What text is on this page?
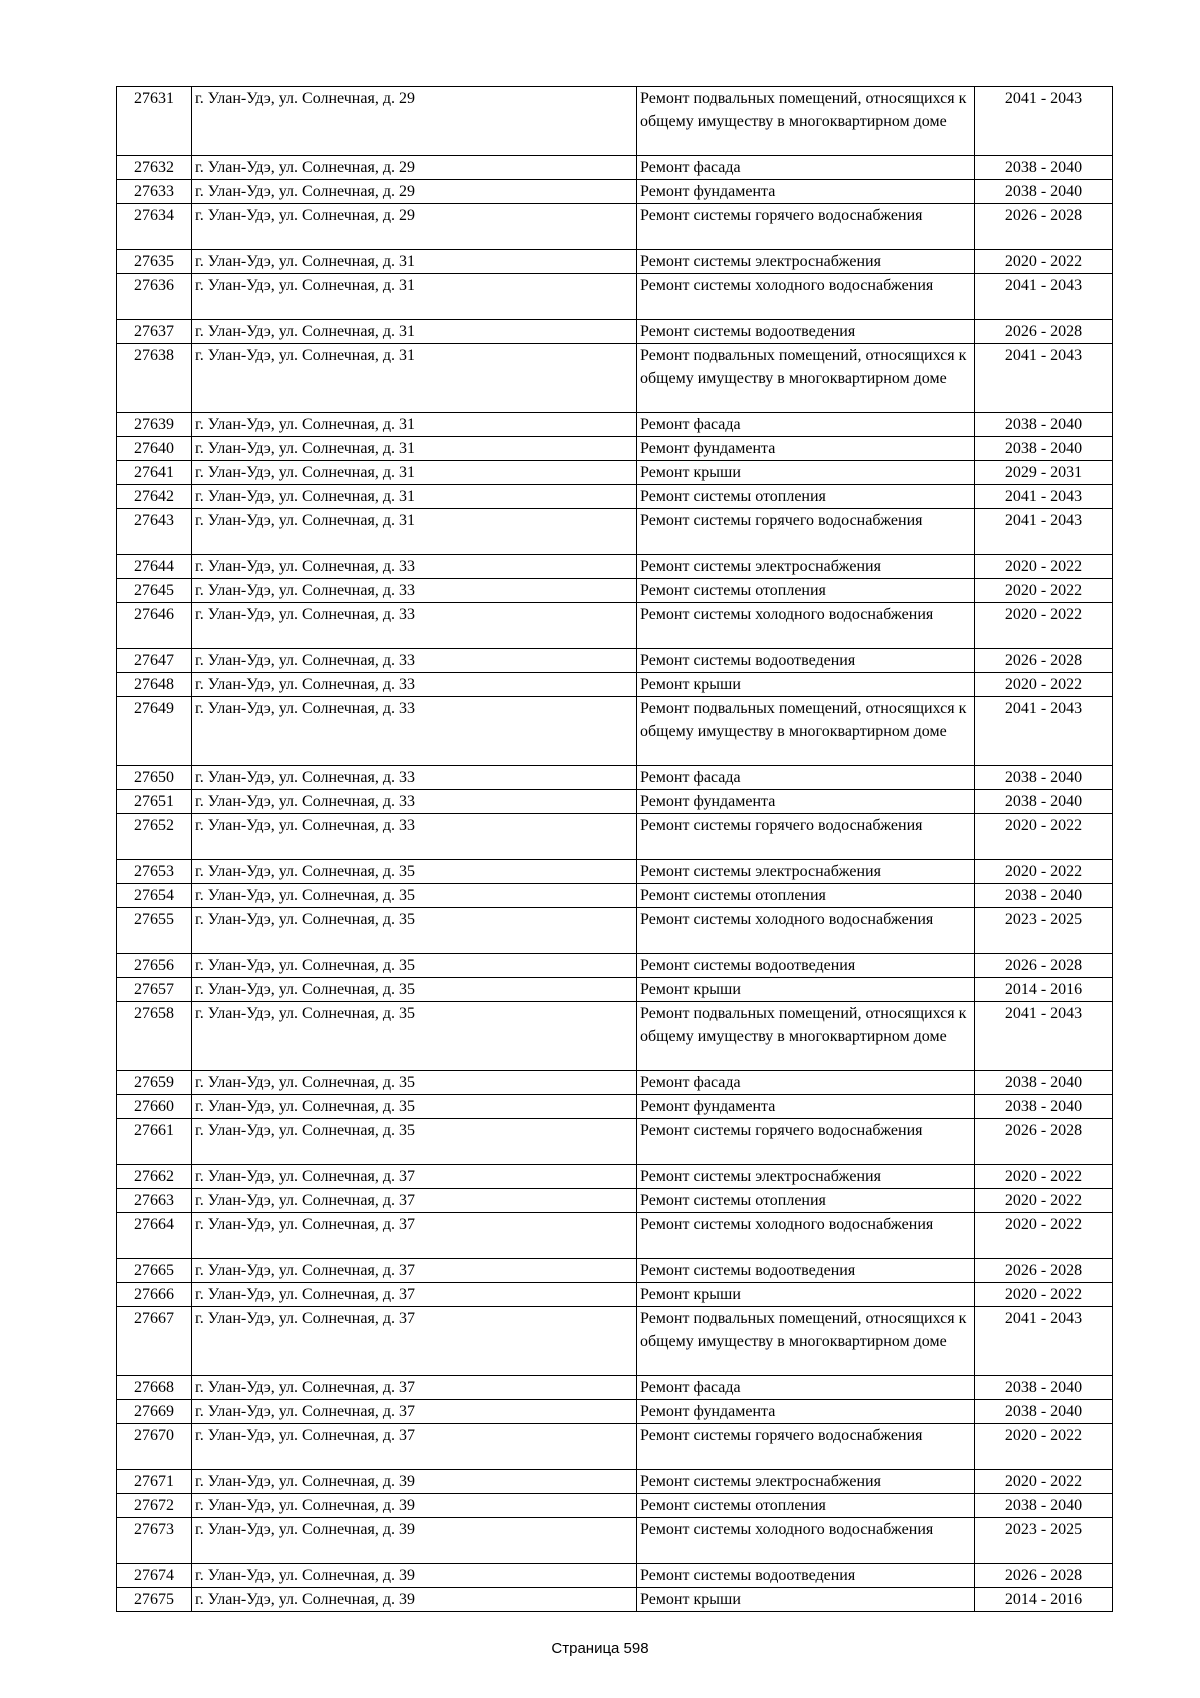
27631	г. Улан-Удэ, ул. Солнечная, д. 29	Ремонт подвальных помещений, относящихся к общему имуществу в многоквартирном доме	2041 - 2043
27632	г. Улан-Удэ, ул. Солнечная, д. 29	Ремонт фасада	2038 - 2040
27633	г. Улан-Удэ, ул. Солнечная, д. 29	Ремонт фундамента	2038 - 2040
27634	г. Улан-Удэ, ул. Солнечная, д. 29	Ремонт системы горячего водоснабжения	2026 - 2028
27635	г. Улан-Удэ, ул. Солнечная, д. 31	Ремонт системы электроснабжения	2020 - 2022
27636	г. Улан-Удэ, ул. Солнечная, д. 31	Ремонт системы холодного водоснабжения	2041 - 2043
27637	г. Улан-Удэ, ул. Солнечная, д. 31	Ремонт системы водоотведения	2026 - 2028
27638	г. Улан-Удэ, ул. Солнечная, д. 31	Ремонт подвальных помещений, относящихся к общему имуществу в многоквартирном доме	2041 - 2043
27639	г. Улан-Удэ, ул. Солнечная, д. 31	Ремонт фасада	2038 - 2040
27640	г. Улан-Удэ, ул. Солнечная, д. 31	Ремонт фундамента	2038 - 2040
27641	г. Улан-Удэ, ул. Солнечная, д. 31	Ремонт крыши	2029 - 2031
27642	г. Улан-Удэ, ул. Солнечная, д. 31	Ремонт системы отопления	2041 - 2043
27643	г. Улан-Удэ, ул. Солнечная, д. 31	Ремонт системы горячего водоснабжения	2041 - 2043
27644	г. Улан-Удэ, ул. Солнечная, д. 33	Ремонт системы электроснабжения	2020 - 2022
27645	г. Улан-Удэ, ул. Солнечная, д. 33	Ремонт системы отопления	2020 - 2022
27646	г. Улан-Удэ, ул. Солнечная, д. 33	Ремонт системы холодного водоснабжения	2020 - 2022
27647	г. Улан-Удэ, ул. Солнечная, д. 33	Ремонт системы водоотведения	2026 - 2028
27648	г. Улан-Удэ, ул. Солнечная, д. 33	Ремонт крыши	2020 - 2022
27649	г. Улан-Удэ, ул. Солнечная, д. 33	Ремонт подвальных помещений, относящихся к общему имуществу в многоквартирном доме	2041 - 2043
27650	г. Улан-Удэ, ул. Солнечная, д. 33	Ремонт фасада	2038 - 2040
27651	г. Улан-Удэ, ул. Солнечная, д. 33	Ремонт фундамента	2038 - 2040
27652	г. Улан-Удэ, ул. Солнечная, д. 33	Ремонт системы горячего водоснабжения	2020 - 2022
27653	г. Улан-Удэ, ул. Солнечная, д. 35	Ремонт системы электроснабжения	2020 - 2022
27654	г. Улан-Удэ, ул. Солнечная, д. 35	Ремонт системы отопления	2038 - 2040
27655	г. Улан-Удэ, ул. Солнечная, д. 35	Ремонт системы холодного водоснабжения	2023 - 2025
27656	г. Улан-Удэ, ул. Солнечная, д. 35	Ремонт системы водоотведения	2026 - 2028
27657	г. Улан-Удэ, ул. Солнечная, д. 35	Ремонт крыши	2014 - 2016
27658	г. Улан-Удэ, ул. Солнечная, д. 35	Ремонт подвальных помещений, относящихся к общему имуществу в многоквартирном доме	2041 - 2043
27659	г. Улан-Удэ, ул. Солнечная, д. 35	Ремонт фасада	2038 - 2040
27660	г. Улан-Удэ, ул. Солнечная, д. 35	Ремонт фундамента	2038 - 2040
27661	г. Улан-Удэ, ул. Солнечная, д. 35	Ремонт системы горячего водоснабжения	2026 - 2028
27662	г. Улан-Удэ, ул. Солнечная, д. 37	Ремонт системы электроснабжения	2020 - 2022
27663	г. Улан-Удэ, ул. Солнечная, д. 37	Ремонт системы отопления	2020 - 2022
27664	г. Улан-Удэ, ул. Солнечная, д. 37	Ремонт системы холодного водоснабжения	2020 - 2022
27665	г. Улан-Удэ, ул. Солнечная, д. 37	Ремонт системы водоотведения	2026 - 2028
27666	г. Улан-Удэ, ул. Солнечная, д. 37	Ремонт крыши	2020 - 2022
27667	г. Улан-Удэ, ул. Солнечная, д. 37	Ремонт подвальных помещений, относящихся к общему имуществу в многоквартирном доме	2041 - 2043
27668	г. Улан-Удэ, ул. Солнечная, д. 37	Ремонт фасада	2038 - 2040
27669	г. Улан-Удэ, ул. Солнечная, д. 37	Ремонт фундамента	2038 - 2040
27670	г. Улан-Удэ, ул. Солнечная, д. 37	Ремонт системы горячего водоснабжения	2020 - 2022
27671	г. Улан-Удэ, ул. Солнечная, д. 39	Ремонт системы электроснабжения	2020 - 2022
27672	г. Улан-Удэ, ул. Солнечная, д. 39	Ремонт системы отопления	2038 - 2040
27673	г. Улан-Удэ, ул. Солнечная, д. 39	Ремонт системы холодного водоснабжения	2023 - 2025
27674	г. Улан-Удэ, ул. Солнечная, д. 39	Ремонт системы водоотведения	2026 - 2028
27675	г. Улан-Удэ, ул. Солнечная, д. 39	Ремонт крыши	2014 - 2016
Страница 598
